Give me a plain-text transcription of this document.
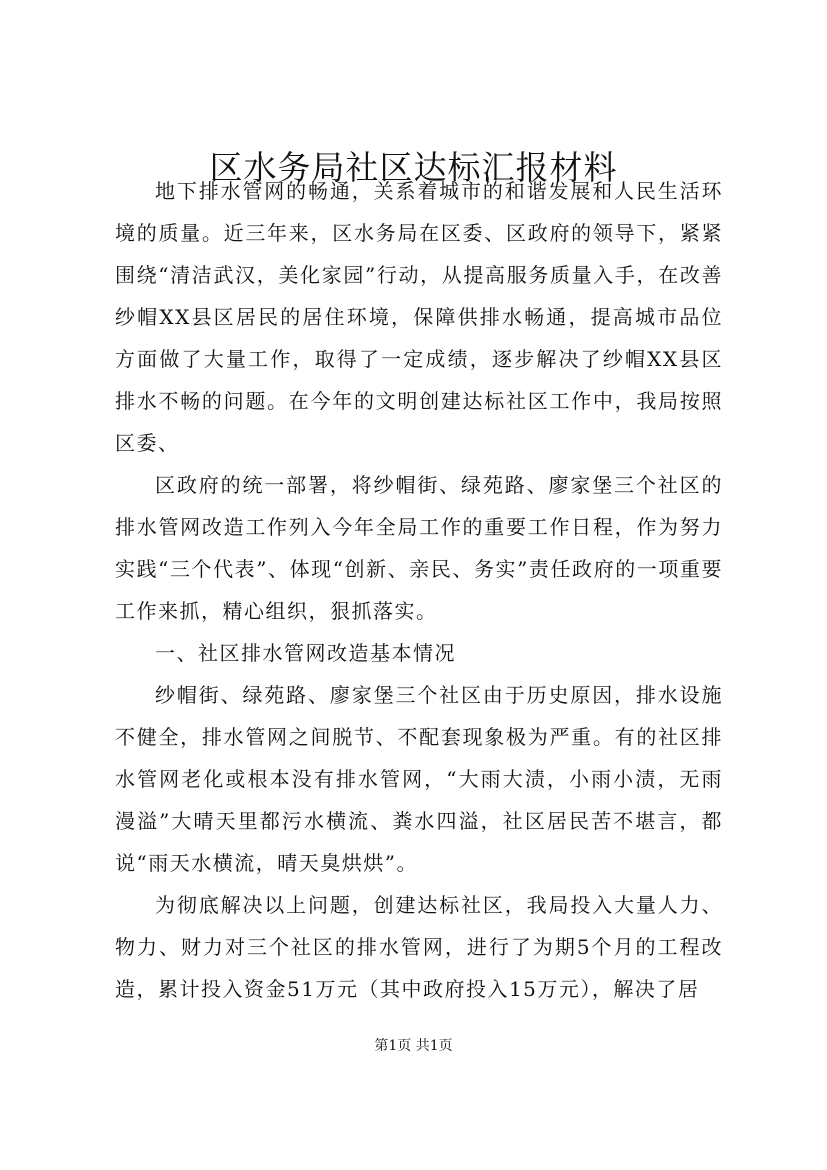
区水务局社区达标汇报材料

地下排水管网的畅通，关系着城市的和谐发展和人民生活环境的质量。近三年来，区水务局在区委、区政府的领导下，紧紧围绕“清洁武汉，美化家园”行动，从提高服务质量入手，在改善纱帽XX县区居民的居住环境，保障供排水畅通，提高城市品位方面做了大量工作，取得了一定成绩，逐步解决了纱帽XX县区排水不畅的问题。在今年的文明创建达标社区工作中，我局按照区委、

区政府的统一部署，将纱帽街、绿苑路、廖家堡三个社区的排水管网改造工作列入今年全局工作的重要工作日程，作为努力实践“三个代表”、体现“创新、亲民、务实”责任政府的一项重要工作来抓，精心组织，狠抓落实。

一、社区排水管网改造基本情况

纱帽街、绿苑路、廖家堡三个社区由于历史原因，排水设施不健全，排水管网之间脱节、不配套现象极为严重。有的社区排水管网老化或根本没有排水管网，“大雨大渍，小雨小渍，无雨漫溢”大晴天里都污水横流、粪水四溢，社区居民苦不堪言，都说“雨天水横流，晴天臭烘烘”。

为彻底解决以上问题，创建达标社区，我局投入大量人力、物力、财力对三个社区的排水管网，进行了为期5个月的工程改造，累计投入资金51万元（其中政府投入15万元），解决了居

第1页 共1页
